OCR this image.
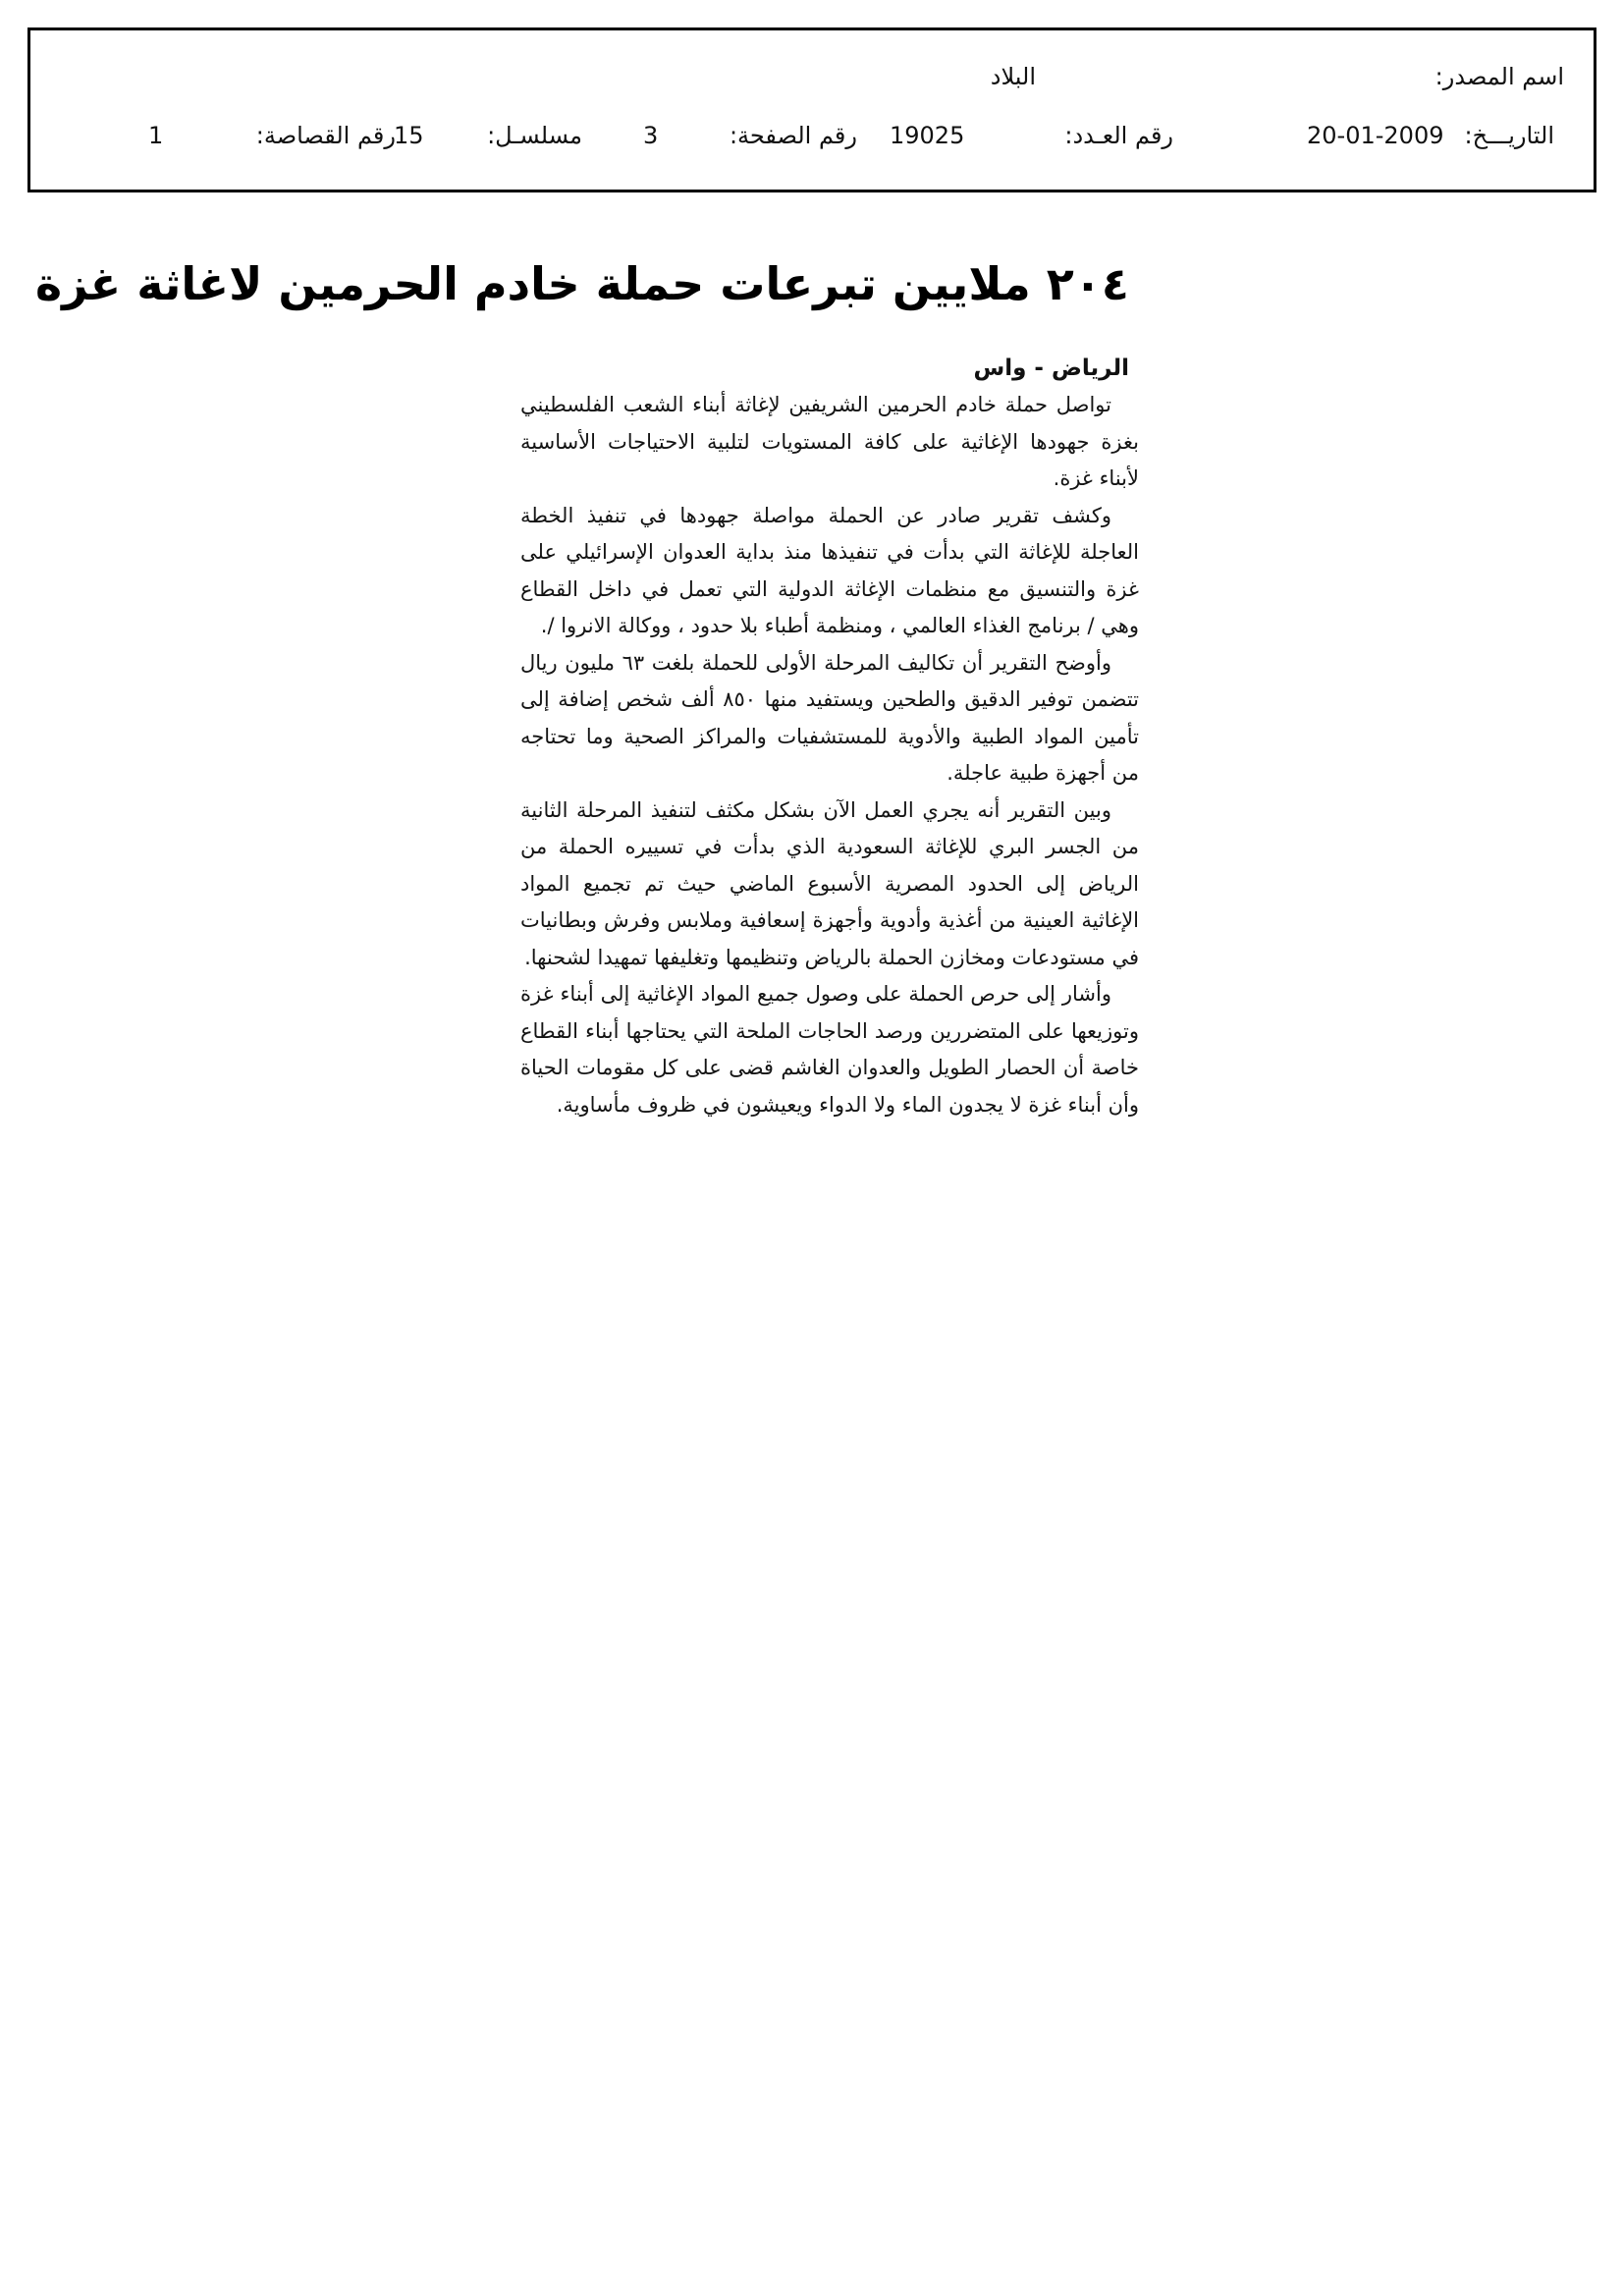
اسم المصدر:
البلاد
التاريـــخ:
20-01-2009
رقم العـدد:
19025
رقم الصفحة:
3
مسلسـل:
15
رقم القصاصة:
1
٢٠٤ ملايين تبرعات حملة خادم الحرمين لاغاثة غزة
الرياض - واس

تواصل حملة خادم الحرمين الشريفين لإغاثة أبناء الشعب الفلسطيني بغزة جهودها الإغاثية على كافة المستويات لتلبية الاحتياجات الأساسية لأبناء غزة.

وكشف تقرير صادر عن الحملة مواصلة جهودها في تنفيذ الخطة العاجلة للإغاثة التي بدأت في تنفيذها منذ بداية العدوان الإسرائيلي على غزة والتنسيق مع منظمات الإغاثة الدولية التي تعمل في داخل القطاع وهي / برنامج الغذاء العالمي ، ومنظمة أطباء بلا حدود ، ووكالة الانروا /.

وأوضح التقرير أن تكاليف المرحلة الأولى للحملة بلغت ٦٣ مليون ريال تتضمن توفير الدقيق والطحين ويستفيد منها ٨٥٠ ألف شخص إضافة إلى تأمين المواد الطبية والأدوية للمستشفيات والمراكز الصحية وما تحتاجه من أجهزة طبية عاجلة.

وبين التقرير أنه يجري العمل الآن بشكل مكثف لتنفيذ المرحلة الثانية من الجسر البري للإغاثة السعودية الذي بدأت في تسييره الحملة من الرياض إلى الحدود المصرية الأسبوع الماضي حيث تم تجميع المواد الإغاثية العينية من أغذية وأدوية وأجهزة إسعافية وملابس وفرش وبطانيات في مستودعات ومخازن الحملة بالرياض وتنظيمها وتغليفها تمهيدا لشحنها.

وأشار إلى حرص الحملة على وصول جميع المواد الإغاثية إلى أبناء غزة وتوزيعها على المتضررين ورصد الحاجات الملحة التي يحتاجها أبناء القطاع خاصة أن الحصار الطويل والعدوان الغاشم قضى على كل مقومات الحياة وأن أبناء غزة لا يجدون الماء ولا الدواء ويعيشون في ظروف مأساوية.
